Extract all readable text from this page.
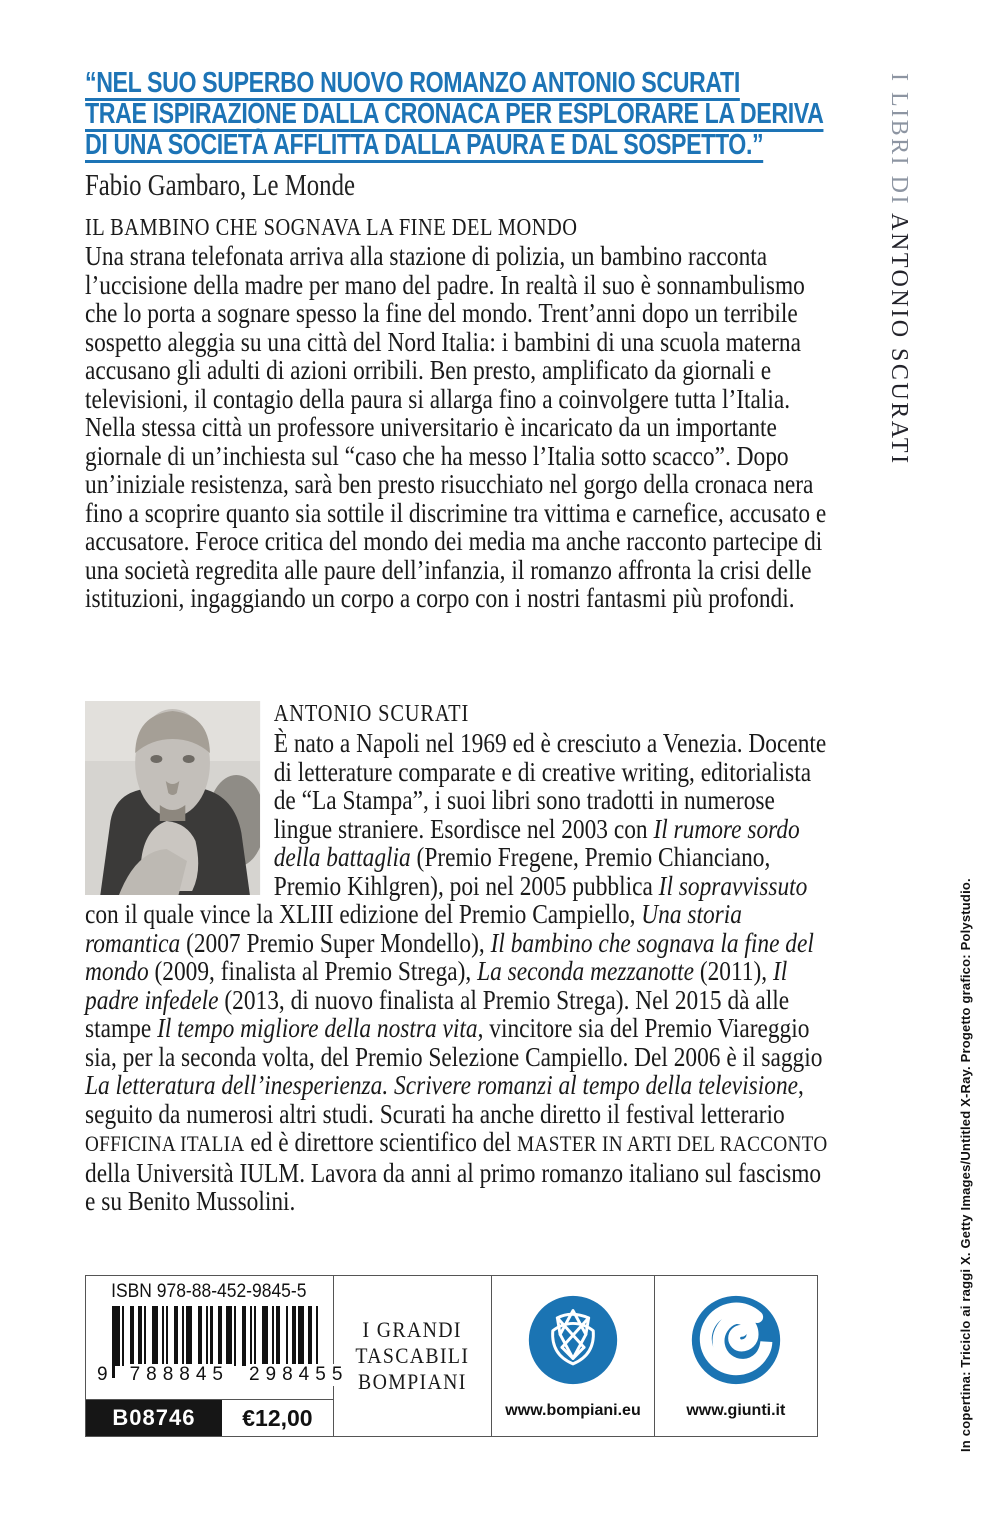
“NEL SUO SUPERBO NUOVO ROMANZO ANTONIO SCURATI
TRAE ISPIRAZIONE DALLA CRONACA PER ESPLORARE LA DERIVA
DI UNA SOCIETÀ AFFLITTA DALLA PAURA E DAL SOSPETTO.”
Fabio Gambaro, Le Monde
IL BAMBINO CHE SOGNAVA LA FINE DEL MONDO

Una strana telefonata arriva alla stazione di polizia, un bambino racconta l’uccisione della madre per mano del padre. In realtà il suo è sonnambulismo che lo porta a sognare spesso la fine del mondo. Trent’anni dopo un terribile sospetto aleggia su una città del Nord Italia: i bambini di una scuola materna accusano gli adulti di azioni orribili. Ben presto, amplificato da giornali e televisioni, il contagio della paura si allarga fino a coinvolgere tutta l’Italia. Nella stessa città un professore universitario è incaricato da un importante giornale di un’inchiesta sul “caso che ha messo l’Italia sotto scacco”. Dopo un’iniziale resistenza, sarà ben presto risucchiato nel gorgo della cronaca nera fino a scoprire quanto sia sottile il discrimine tra vittima e carnefice, accusato e accusatore. Feroce critica del mondo dei media ma anche racconto partecipe di una società regredita alle paure dell’infanzia, il romanzo affronta la crisi delle istituzioni, ingaggiando un corpo a corpo con i nostri fantasmi più profondi.

ANTONIO SCURATI

È nato a Napoli nel 1969 ed è cresciuto a Venezia. Docente di letterature comparate e di creative writing, editorialista de “La Stampa”, i suoi libri sono tradotti in numerose lingue straniere. Esordisce nel 2003 con Il rumore sordo della battaglia (Premio Fregene, Premio Chianciano, Premio Kihlgren), poi nel 2005 pubblica Il sopravvissuto con il quale vince la XLIII edizione del Premio Campiello, Una storia romantica (2007 Premio Super Mondello), Il bambino che sognava la fine del mondo (2009, finalista al Premio Strega), La seconda mezzanotte (2011), Il padre infedele (2013, di nuovo finalista al Premio Strega). Nel 2015 dà alle stampe Il tempo migliore della nostra vita, vincitore sia del Premio Viareggio sia, per la seconda volta, del Premio Selezione Campiello. Del 2006 è il saggio La letteratura dell’inesperienza. Scrivere romanzi al tempo della televisione, seguito da numerosi altri studi. Scurati ha anche diretto il festival letterario OFFICINA ITALIA ed è direttore scientifico del MASTER IN ARTI DEL RACCONTO della Università IULM. Lavora da anni al primo romanzo italiano sul fascismo e su Benito Mussolini.

I LIBRI DI ANTONIO SCURATI
In copertina: Triciclo ai raggi X. Getty Images/Untitled X-Ray. Progetto grafico: Polystudio.
ISBN 978-88-452-9845-5
9 788845 298455
B08746	€12,00
I GRANDI
TASCABILI
BOMPIANI
www.bompiani.eu	www.giunti.it
